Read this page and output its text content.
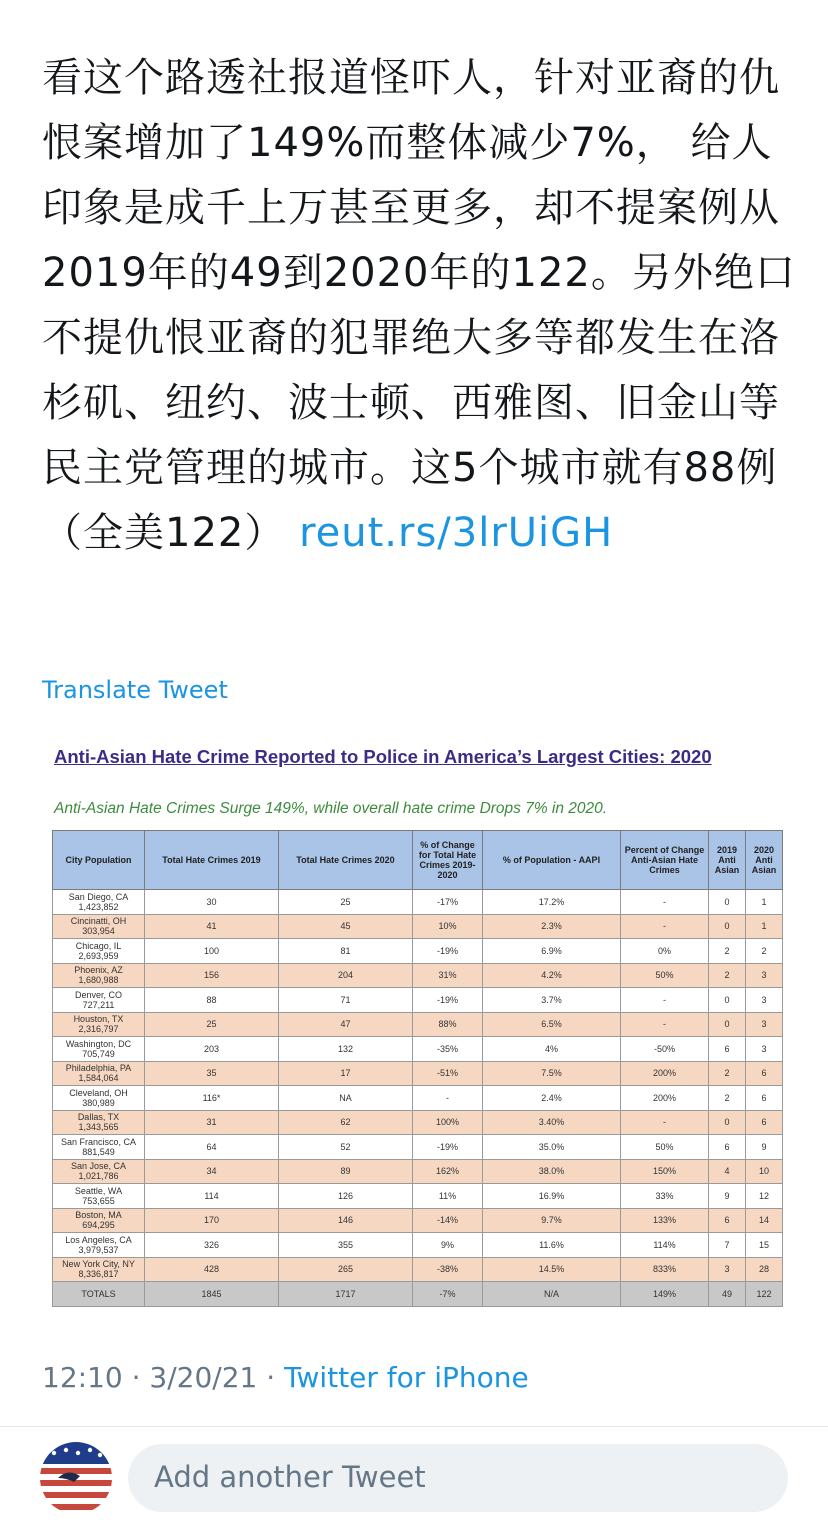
看这个路透社报道怪吓人，针对亚裔的仇恨案增加了149%而整体减少7%， 给人印象是成千上万甚至更多，却不提案例从2019年的49到2020年的122。另外绝口不提仇恨亚裔的犯罪绝大多等都发生在洛杉矶、纽约、波士顿、西雅图、旧金山等民主党管理的城市。这5个城市就有88例（全美122） reut.rs/3lrUiGH
Translate Tweet
Anti-Asian Hate Crime Reported to Police in America’s Largest Cities: 2020
Anti-Asian Hate Crimes Surge 149%, while overall hate crime Drops 7% in 2020.
City Population	Total Hate Crimes 2019	Total Hate Crimes 2020	% of Change for Total Hate Crimes 2019-2020	% of Population - AAPI	Percent of Change Anti-Asian Hate Crimes	2019 Anti Asian	2020 Anti Asian

San Diego, CA
1,423,852	30	25	-17%	17.2%	-	0	1

Cincinatti, OH
303,954	41	45	10%	2.3%	-	0	1

Chicago, IL
2,693,959	100	81	-19%	6.9%	0%	2	2

Phoenix, AZ
1,680,988	156	204	31%	4.2%	50%	2	3

Denver, CO
727,211	88	71	-19%	3.7%	-	0	3

Houston, TX
2,316,797	25	47	88%	6.5%	-	0	3

Washington, DC
705,749	203	132	-35%	4%	-50%	6	3

Philadelphia, PA
1,584,064	35	17	-51%	7.5%	200%	2	6

Cleveland, OH
380,989	116*	NA	-	2.4%	200%	2	6

Dallas, TX
1,343,565	31	62	100%	3.40%	-	0	6

San Francisco, CA
881,549	64	52	-19%	35.0%	50%	6	9

San Jose, CA
1,021,786	34	89	162%	38.0%	150%	4	10

Seattle, WA
753,655	114	126	11%	16.9%	33%	9	12

Boston, MA
694,295	170	146	-14%	9.7%	133%	6	14

Los Angeles, CA
3,979,537	326	355	9%	11.6%	114%	7	15

New York City, NY
8,336,817	428	265	-38%	14.5%	833%	3	28
TOTALS	1845	1717	-7%	N/A	149%	49	122
12:10 · 3/20/21 · Twitter for iPhone
Add another Tweet
